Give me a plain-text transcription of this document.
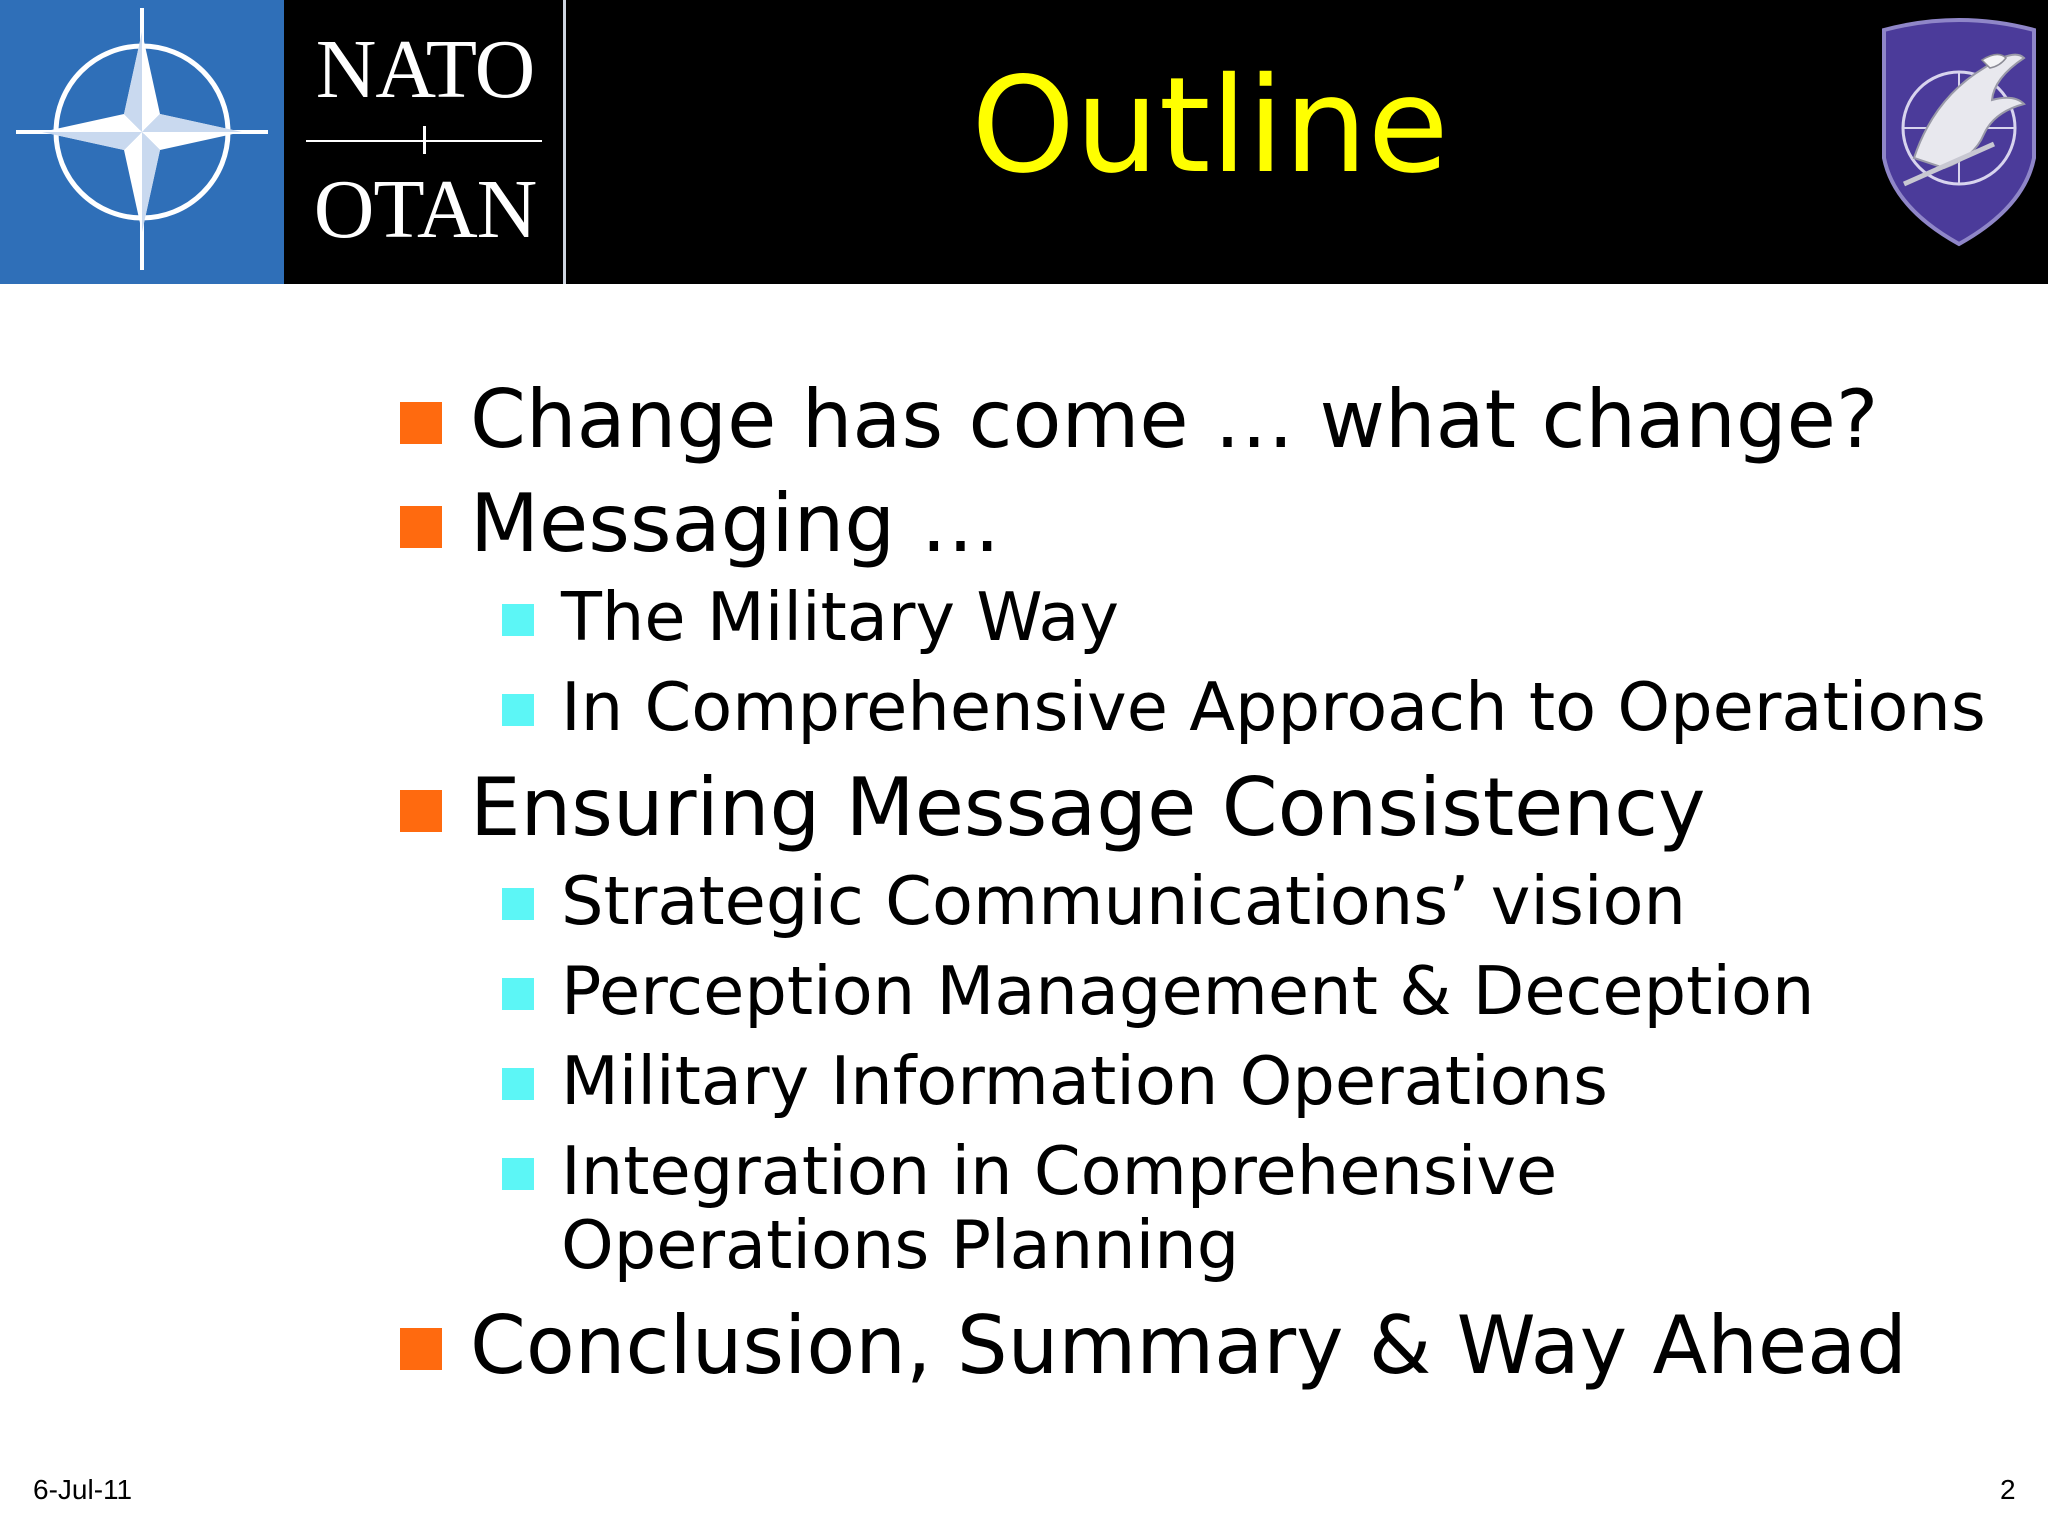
NATO
OTAN
Outline
Change has come … what change?
Messaging …
The Military Way
In Comprehensive Approach to Operations
Ensuring Message Consistency
Strategic Communications’ vision
Perception Management & Deception
Military Information Operations
Integration in Comprehensive Operations Planning
Conclusion, Summary & Way Ahead
6-Jul-11	2
